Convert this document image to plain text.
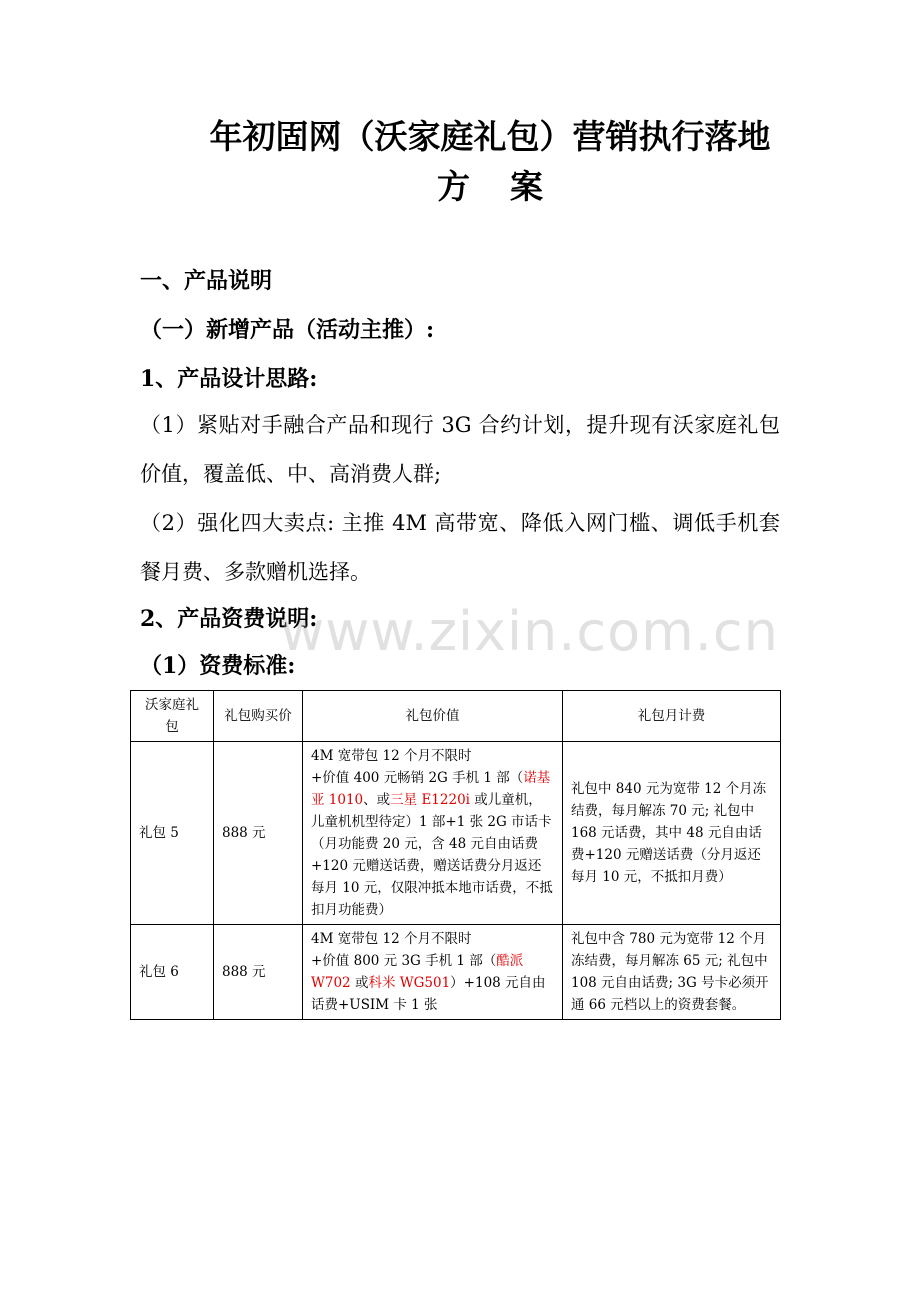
年初固网（沃家庭礼包）营销执行落地
方案
一、产品说明
（一）新增产品（活动主推）:
1、产品设计思路:
（1）紧贴对手融合产品和现行 3G 合约计划，提升现有沃家庭礼包价值，覆盖低、中、高消费人群;
（2）强化四大卖点: 主推 4M 高带宽、降低入网门槛、调低手机套餐月费、多款赠机选择。
2、产品资费说明:
（1）资费标准:
www.zixin.com.cn
沃家庭礼包	礼包购买价	礼包价值	礼包月计费
礼包 5	888 元	4M 宽带包 12 个月不限时
+价值 400 元畅销 2G 手机 1 部（诺基亚 1010、或三星 E1220i 或儿童机，儿童机机型待定）1 部+1 张 2G 市话卡（月功能费 20 元，含 48 元自由话费+120 元赠送话费，赠送话费分月返还每月 10 元，仅限冲抵本地市话费，不抵扣月功能费）	礼包中 840 元为宽带 12 个月冻结费，每月解冻 70 元; 礼包中 168 元话费，其中 48 元自由话费+120 元赠送话费（分月返还每月 10 元，不抵扣月费）
礼包 6	888 元	4M 宽带包 12 个月不限时
+价值 800 元 3G 手机 1 部（酷派 W702 或科米 WG501）+108 元自由话费+USIM 卡 1 张	礼包中含 780 元为宽带 12 个月冻结费，每月解冻 65 元; 礼包中 108 元自由话费; 3G 号卡必须开通 66 元档以上的资费套餐。
